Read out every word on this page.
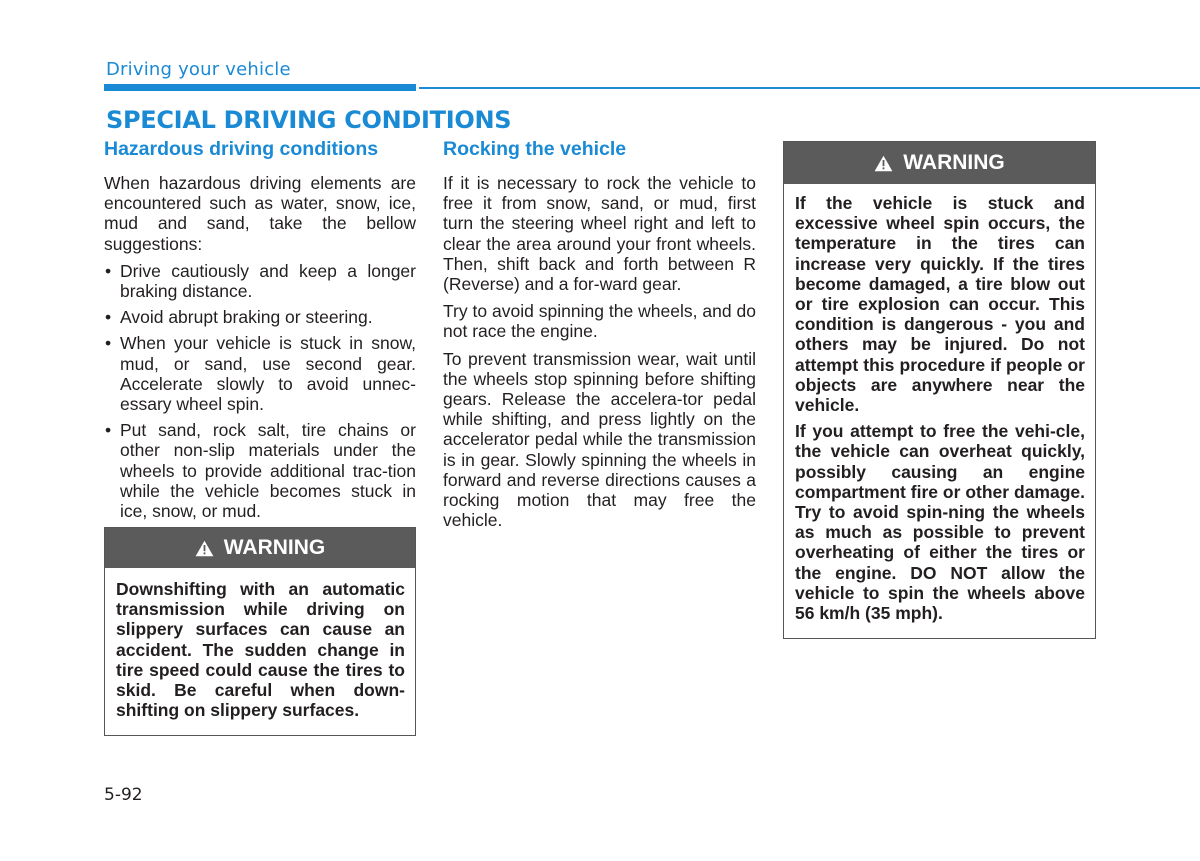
Driving your vehicle
SPECIAL DRIVING CONDITIONS
Hazardous driving conditions

When hazardous driving elements are encountered such as water, snow, ice, mud and sand, take the bellow suggestions:

• Drive cautiously and keep a longer braking distance.
• Avoid abrupt braking or steering.
• When your vehicle is stuck in snow, mud, or sand, use second gear. Accelerate slowly to avoid unnec-essary wheel spin.
• Put sand, rock salt, tire chains or other non-slip materials under the wheels to provide additional trac-tion while the vehicle becomes stuck in ice, snow, or mud.
WARNING

Downshifting with an automatic transmission while driving on slippery surfaces can cause an accident. The sudden change in tire speed could cause the tires to skid. Be careful when down-shifting on slippery surfaces.

Rocking the vehicle

If it is necessary to rock the vehicle to free it from snow, sand, or mud, first turn the steering wheel right and left to clear the area around your front wheels. Then, shift back and forth between R (Reverse) and a for-ward gear.

Try to avoid spinning the wheels, and do not race the engine.

To prevent transmission wear, wait until the wheels stop spinning before shifting gears. Release the accelera-tor pedal while shifting, and press lightly on the accelerator pedal while the transmission is in gear. Slowly spinning the wheels in forward and reverse directions causes a rocking motion that may free the vehicle.

WARNING

If the vehicle is stuck and excessive wheel spin occurs, the temperature in the tires can increase very quickly. If the tires become damaged, a tire blow out or tire explosion can occur. This condition is dangerous - you and others may be injured. Do not attempt this procedure if people or objects are anywhere near the vehicle.

If you attempt to free the vehi-cle, the vehicle can overheat quickly, possibly causing an engine compartment fire or other damage. Try to avoid spin-ning the wheels as much as possible to prevent overheating of either the tires or the engine. DO NOT allow the vehicle to spin the wheels above 56 km/h (35 mph).

5-92
